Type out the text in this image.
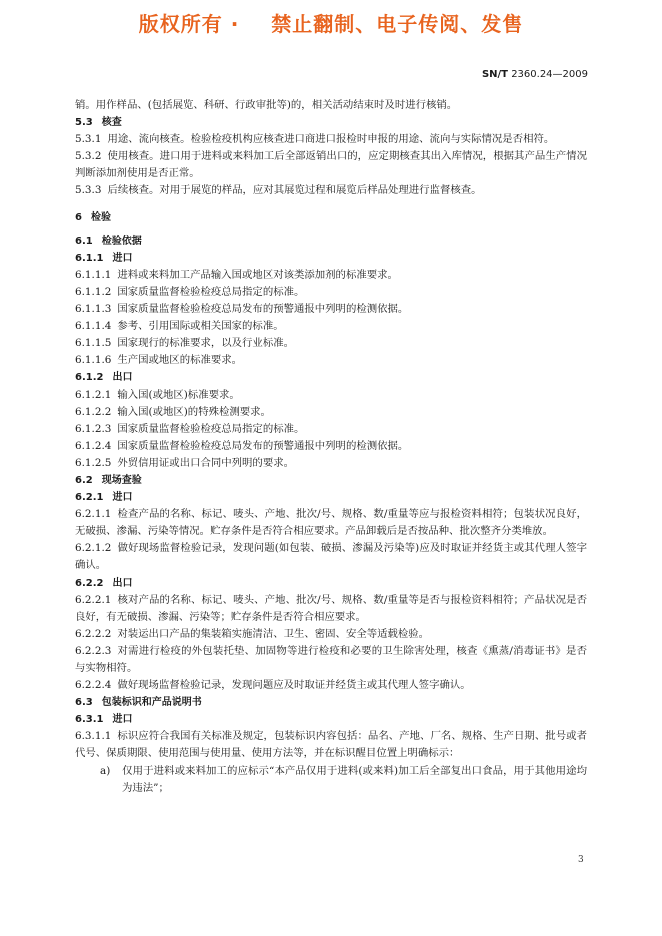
版权所有 ·    禁止翻制、电子传阅、发售
SN/T 2360.24—2009
销。用作样品、(包括展览、科研、行政审批等)的，相关活动结束时及时进行核销。
5.3 核查
5.3.1 用途、流向核查。检验检疫机构应核查进口商进口报检时申报的用途、流向与实际情况是否相符。
5.3.2 使用核查。进口用于进料或来料加工后全部返销出口的，应定期核查其出入库情况，根据其产品生产情况判断添加剂使用是否正常。
5.3.3 后续核查。对用于展览的样品，应对其展览过程和展览后样品处理进行监督核查。
6 检验
6.1 检验依据
6.1.1 进口
6.1.1.1 进料或来料加工产品输入国或地区对该类添加剂的标准要求。
6.1.1.2 国家质量监督检验检疫总局指定的标准。
6.1.1.3 国家质量监督检验检疫总局发布的预警通报中列明的检测依据。
6.1.1.4 参考、引用国际或相关国家的标准。
6.1.1.5 国家现行的标准要求，以及行业标准。
6.1.1.6 生产国或地区的标准要求。
6.1.2 出口
6.1.2.1 输入国(或地区)标准要求。
6.1.2.2 输入国(或地区)的特殊检测要求。
6.1.2.3 国家质量监督检验检疫总局指定的标准。
6.1.2.4 国家质量监督检验检疫总局发布的预警通报中列明的检测依据。
6.1.2.5 外贸信用证或出口合同中列明的要求。
6.2 现场查验
6.2.1 进口
6.2.1.1 检查产品的名称、标记、唛头、产地、批次/号、规格、数/重量等应与报检资料相符；包装状况良好，无破损、渗漏、污染等情况。贮存条件是否符合相应要求。产品卸载后是否按品种、批次整齐分类堆放。
6.2.1.2 做好现场监督检验记录，发现问题(如包装、破损、渗漏及污染等)应及时取证并经货主或其代理人签字确认。
6.2.2 出口
6.2.2.1 核对产品的名称、标记、唛头、产地、批次/号、规格、数/重量等是否与报检资料相符；产品状况是否良好，有无破损、渗漏、污染等；贮存条件是否符合相应要求。
6.2.2.2 对装运出口产品的集装箱实施清洁、卫生、密固、安全等适载检验。
6.2.2.3 对需进行检疫的外包装托垫、加固物等进行检疫和必要的卫生除害处理，核查《熏蒸/消毒证书》是否与实物相符。
6.2.2.4 做好现场监督检验记录，发现问题应及时取证并经货主或其代理人签字确认。
6.3 包装标识和产品说明书
6.3.1 进口
6.3.1.1 标识应符合我国有关标准及规定，包装标识内容包括：品名、产地、厂名、规格、生产日期、批号或者代号、保质期限、使用范围与使用量、使用方法等，并在标识醒目位置上明确标示：
a) 仅用于进料或来料加工的应标示“本产品仅用于进料(或来料)加工后全部复出口食品，用于其他用途均为违法”；
3
